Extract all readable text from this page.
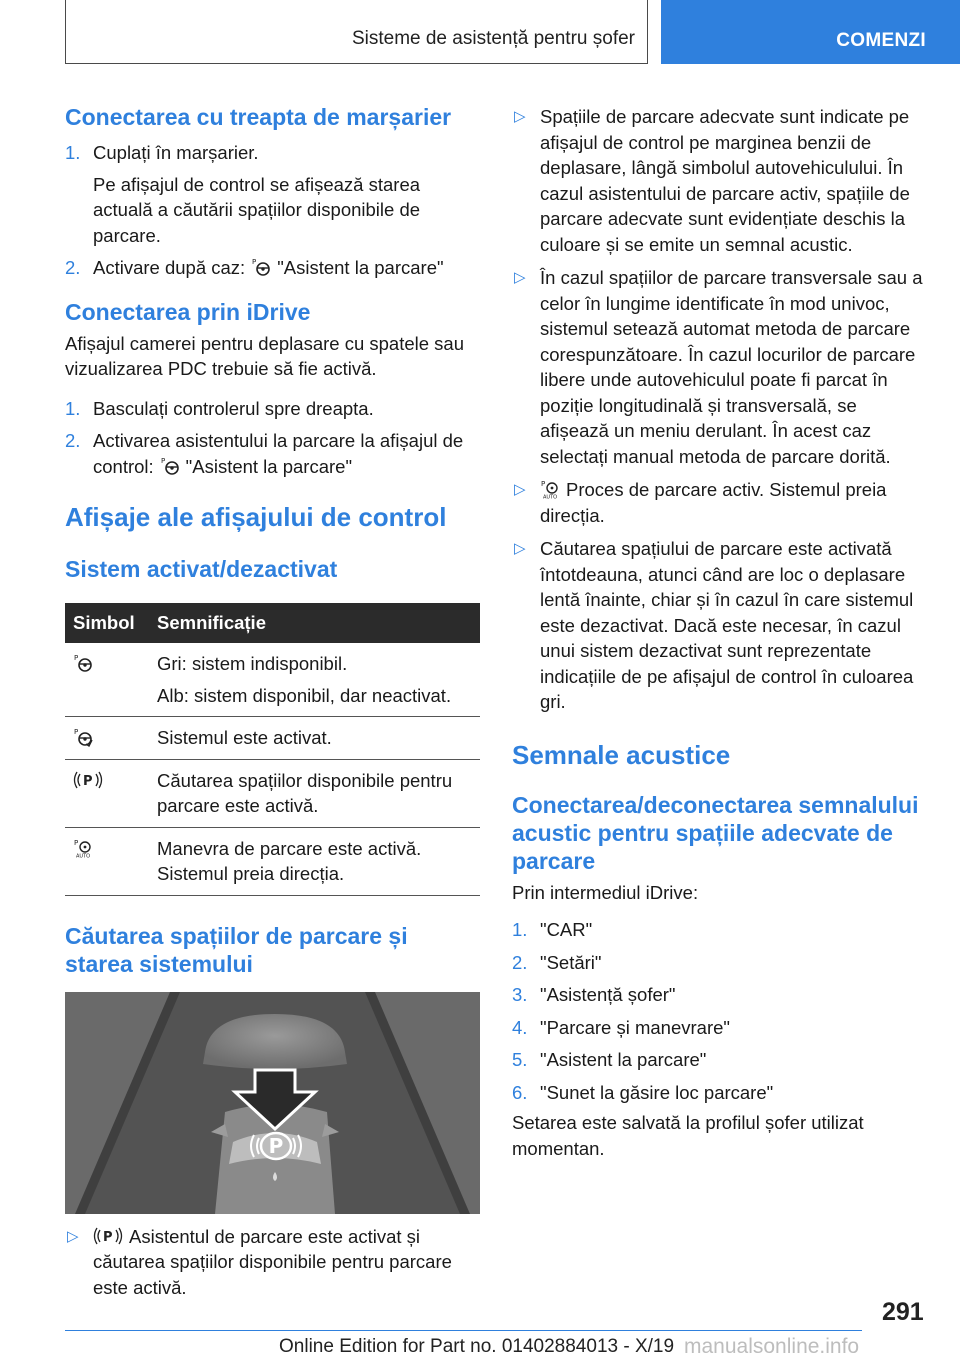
Sisteme de asistență pentru șofer	COMENZI
Conectarea cu treapta de marșarier
1. Cuplați în marșarier.

Pe afișajul de control se afișează starea actuală a căutării spațiilor disponibile de parcare.

2. Activare după caz: P "Asistent la parcare"
Conectarea prin iDrive

Afișajul camerei pentru deplasare cu spatele sau vizualizarea PDC trebuie să fie activă.

1. Basculați controlerul spre dreapta.
2. Activarea asistentului la parcare la afișajul de control: P "Asistent la parcare"
Afișaje ale afișajului de control
Sistem activat/dezactivat
Simbol	Semnificație

P	Gri: sistem indisponibil.
Alb: sistem disponibil, dar neactivat.

P	Sistemul este activat.

P	Căutarea spațiilor disponibile pentru parcare este activă.

P
AUTO	Manevra de parcare este activă. Sistemul preia direcția.
Căutarea spațiilor de parcare și starea sistemului
P
▷ P Asistentul de parcare este activat și căutarea spațiilor disponibile pentru parcare este activă.
▷ Spațiile de parcare adecvate sunt indicate pe afișajul de control pe marginea benzii de deplasare, lângă simbolul autovehiculului. În cazul asistentului de parcare activ, spațiile de parcare adecvate sunt evidențiate deschis la culoare și se emite un semnal acustic.
▷ În cazul spațiilor de parcare transversale sau a celor în lungime identificate în mod univoc, sistemul setează automat metoda de parcare corespunzătoare. În cazul locurilor de parcare libere unde autovehiculul poate fi parcat în poziție longitudinală și transversală, se afișează un meniu derulant. În acest caz selectați manual metoda de parcare dorită.
▷ P
AUTO Proces de parcare activ. Sistemul preia direcția.
▷ Căutarea spațiului de parcare este activată întotdeauna, atunci când are loc o deplasare lentă înainte, chiar și în cazul în care sistemul este dezactivat. Dacă este necesar, în cazul unui sistem dezactivat sunt reprezentate indicațiile de pe afișajul de control în culoarea gri.
Semnale acustice
Conectarea/deconectarea semnalului acustic pentru spațiile adecvate de parcare

Prin intermediul iDrive:

1. "CAR"
2. "Setări"
3. "Asistență șofer"
4. "Parcare și manevrare"
5. "Asistent la parcare"
6. "Sunet la găsire loc parcare"

Setarea este salvată la profilul șofer utilizat momentan.

291
Online Edition for Part no. 01402884013 - X/19 manualsonline.info
